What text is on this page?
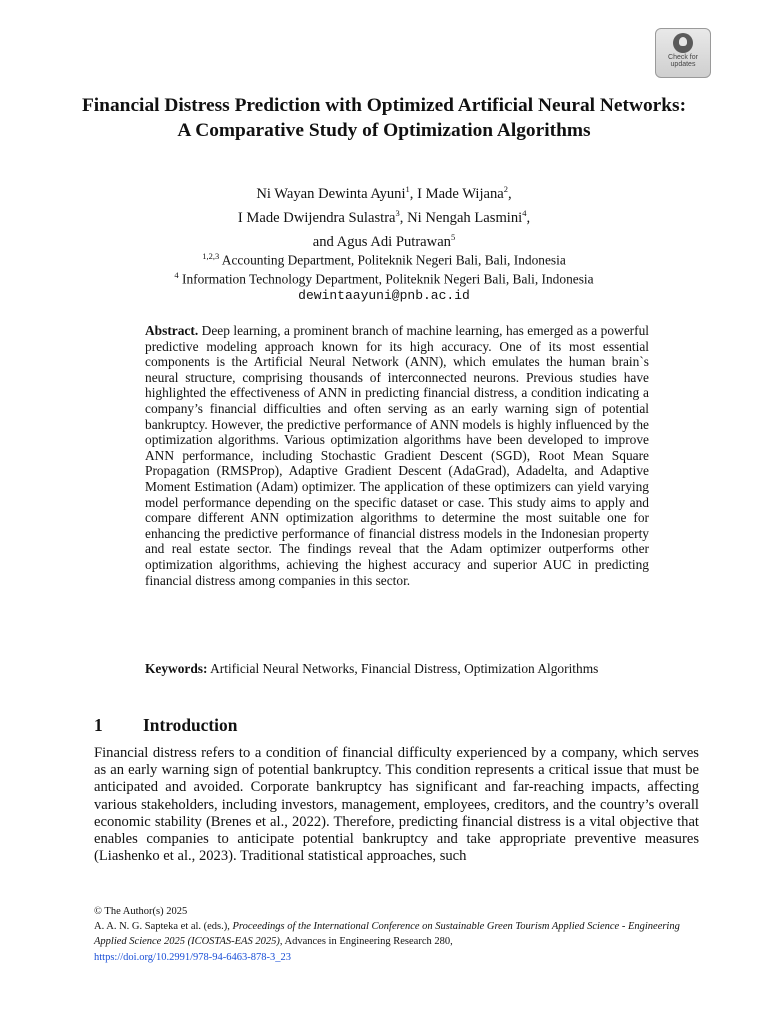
Check for
updates
Financial Distress Prediction with Optimized Artificial Neural Networks: A Comparative Study of Optimization Algorithms

Ni Wayan Dewinta Ayuni$^1$, I Made Wijana$^2$,
I Made Dwijendra Sulastra$^3$, Ni Nengah Lasmini$^4$,
and Agus Adi Putrawan$^5$

$^{1,2,3}$ Accounting Department, Politeknik Negeri Bali, Bali, Indonesia
$^4$ Information Technology Department, Politeknik Negeri Bali, Bali, Indonesia
dewintaayuni@pnb.ac.id

Abstract. Deep learning, a prominent branch of machine learning, has emerged as a powerful predictive modeling approach known for its high accuracy. One of its most essential components is the Artificial Neural Network (ANN), which emulates the human brain`s neural structure, comprising thousands of interconnected neurons. Previous studies have highlighted the effectiveness of ANN in predicting financial distress, a condition indicating a company’s financial difficulties and often serving as an early warning sign of potential bankruptcy. However, the predictive performance of ANN models is highly influenced by the optimization algorithms. Various optimization algorithms have been developed to improve ANN performance, including Stochastic Gradient Descent (SGD), Root Mean Square Propagation (RMSProp), Adaptive Gradient Descent (AdaGrad), Adadelta, and Adaptive Moment Estimation (Adam) optimizer. The application of these optimizers can yield varying model performance depending on the specific dataset or case. This study aims to apply and compare different ANN optimization algorithms to determine the most suitable one for enhancing the predictive performance of financial distress models in the Indonesian property and real estate sector. The findings reveal that the Adam optimizer outperforms other optimization algorithms, achieving the highest accuracy and superior AUC in predicting financial distress among companies in this sector.

Keywords: Artificial Neural Networks, Financial Distress, Optimization Algorithms

1 Introduction

Financial distress refers to a condition of financial difficulty experienced by a company, which serves as an early warning sign of potential bankruptcy. This condition represents a critical issue that must be anticipated and avoided. Corporate bankruptcy has significant and far-reaching impacts, affecting various stakeholders, including investors, management, employees, creditors, and the country’s overall economic stability (Brenes et al., 2022). Therefore, predicting financial distress is a vital objective that enables companies to anticipate potential bankruptcy and take appropriate preventive measures (Liashenko et al., 2023). Traditional statistical approaches, such

© The Author(s) 2025

A. A. N. G. Sapteka et al. (eds.), Proceedings of the International Conference on Sustainable Green Tourism Applied Science - Engineering Applied Science 2025 (ICOSTAS-EAS 2025), Advances in Engineering Research 280,

https://doi.org/10.2991/978-94-6463-878-3_23
